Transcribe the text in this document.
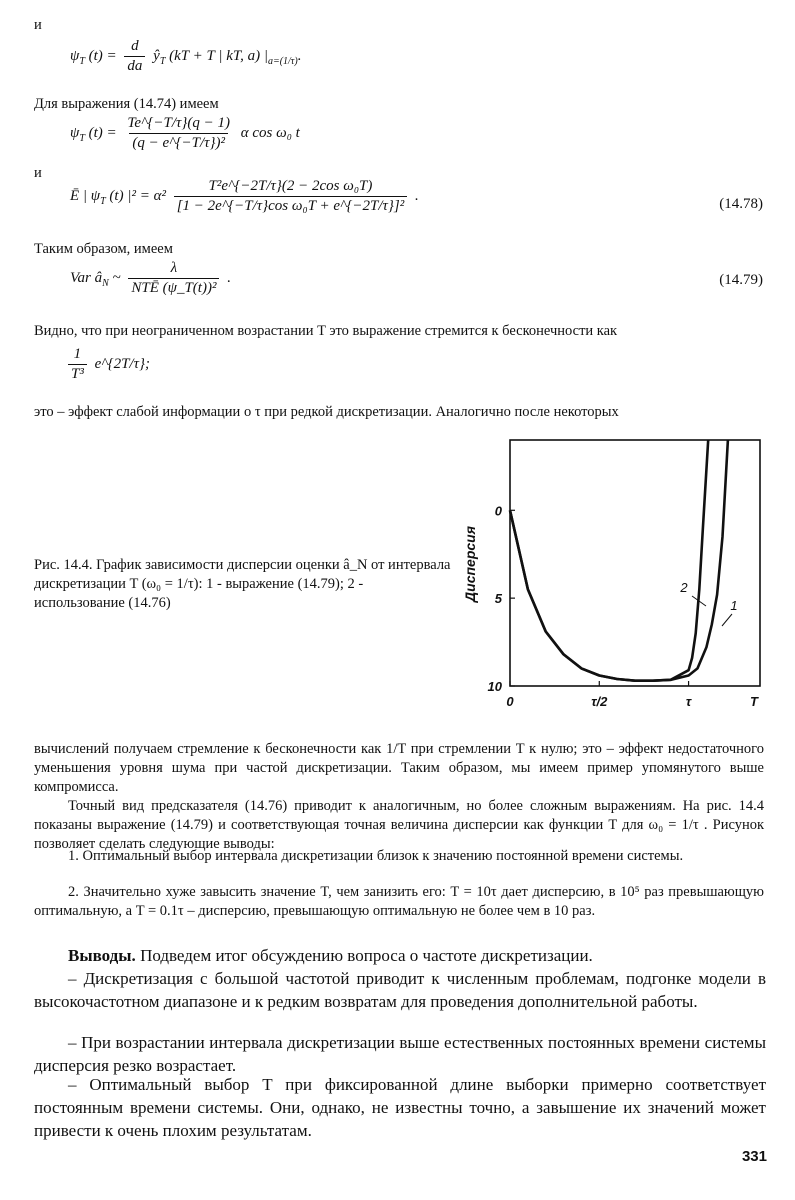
и
$\psi_T$ $(t) = \frac{d}{da}$ $ŷ_T$ (kT + T | kT, a) $|_{a=(1/\tau)}$.
Для выражения (14.74) имеем
$\psi_T$ $(t) = \frac{Te\^{}\{-T/\tau\}(q - 1)}{\text{(q − e\textasciicircum{}\{−T/τ\})²}}$ α cos ω₀ t
и
Ē | $\psi_T$ (t) $|^2 = \alpha^2 \frac{\text{T²e\textasciicircum{}\{−2T/τ\}(2 − 2cos ω₀T)}}{\text{[1 − 2e\textasciicircum{}\{−T/τ\}cos ω₀T + e\textasciicircum{}\{−2T/τ\}]²}}$ .
(14.78)
Таким образом, имеем
Var $â_N$ ~ $\frac{\lambda}{\text{NTĒ (ψ\_T(t))²}}$ .	(14.79)
Видно, что при неограниченном возрастании T это выражение стремится к бесконечности как
$\frac{1}{\text{T³}}$ e^{2T/τ};
это – эффект слабой информации о τ при редкой дискретизации. Аналогично после некоторых
Рис. 14.4. График зависимости дисперсии оценки â_N от интервала дискретизации T (ω₀ = 1/τ): 1 - выражение (14.79); 2 - использование (14.76)
10
5
0
0	τ/2	τ	T
2
1
Дисперсия
вычислений получаем стремление к бесконечности как 1/T при стремлении T к нулю; это – эффект недостаточного уменьшения уровня шума при частой дискретизации. Таким образом, мы имеем пример упомянутого выше компромисса.
Точный вид предсказателя (14.76) приводит к аналогичным, но более сложным выражениям. На рис. 14.4 показаны выражение (14.79) и соответствующая точная величина дисперсии как функции T для ω₀ = 1/τ . Рисунок позволяет сделать следующие выводы:
1. Оптимальный выбор интервала дискретизации близок к значению постоянной времени системы.
2. Значительно хуже завысить значение T, чем занизить его: T = 10τ дает дисперсию, в 10⁵ раз превышающую оптимальную, а T = 0.1τ – дисперсию, превышающую оптимальную не более чем в 10 раз.
Выводы. Подведем итог обсуждению вопроса о частоте дискретизации.
– Дискретизация с большой частотой приводит к численным проблемам, подгонке модели в высокочастотном диапазоне и к редким возвратам для проведения дополнительной работы.
– При возрастании интервала дискретизации выше естественных постоянных времени системы дисперсия резко возрастает.
– Оптимальный выбор T при фиксированной длине выборки примерно соответствует постоянным времени системы. Они, однако, не известны точно, а завышение их значений может привести к очень плохим результатам.
331
